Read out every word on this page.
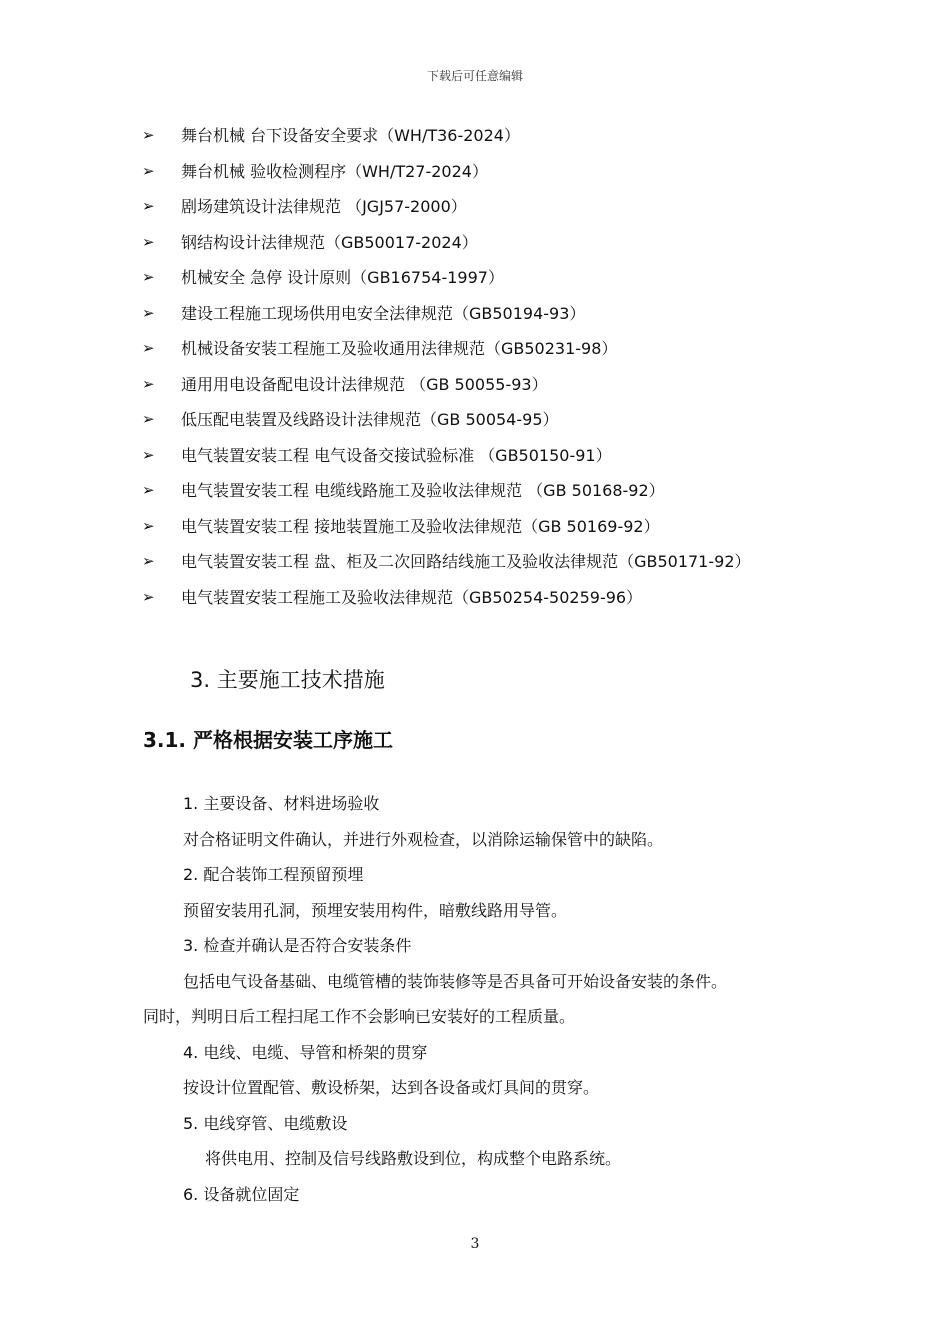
下载后可任意编辑
➢ 舞台机械 台下设备安全要求（WH/T36-2024）
➢ 舞台机械 验收检测程序（WH/T27-2024）
➢ 剧场建筑设计法律规范 （JGJ57-2000）
➢ 钢结构设计法律规范（GB50017-2024）
➢ 机械安全 急停 设计原则（GB16754-1997）
➢ 建设工程施工现场供用电安全法律规范（GB50194-93）
➢ 机械设备安装工程施工及验收通用法律规范（GB50231-98）
➢ 通用用电设备配电设计法律规范 （GB 50055-93）
➢ 低压配电装置及线路设计法律规范（GB 50054-95）
➢ 电气装置安装工程 电气设备交接试验标准 （GB50150-91）
➢ 电气装置安装工程 电缆线路施工及验收法律规范 （GB 50168-92）
➢ 电气装置安装工程 接地装置施工及验收法律规范（GB 50169-92）
➢ 电气装置安装工程 盘、柜及二次回路结线施工及验收法律规范（GB50171-92）
➢ 电气装置安装工程施工及验收法律规范（GB50254-50259-96）
3. 主要施工技术措施
3.1. 严格根据安装工序施工

1. 主要设备、材料进场验收

对合格证明文件确认，并进行外观检查，以消除运输保管中的缺陷。

2. 配合装饰工程预留预埋

预留安装用孔洞，预埋安装用构件，暗敷线路用导管。

3. 检查并确认是否符合安装条件

包括电气设备基础、电缆管槽的装饰装修等是否具备可开始设备安装的条件。

同时，判明日后工程扫尾工作不会影响已安装好的工程质量。

4. 电线、电缆、导管和桥架的贯穿

按设计位置配管、敷设桥架，达到各设备或灯具间的贯穿。

5. 电线穿管、电缆敷设

将供电用、控制及信号线路敷设到位，构成整个电路系统。

6. 设备就位固定

3
